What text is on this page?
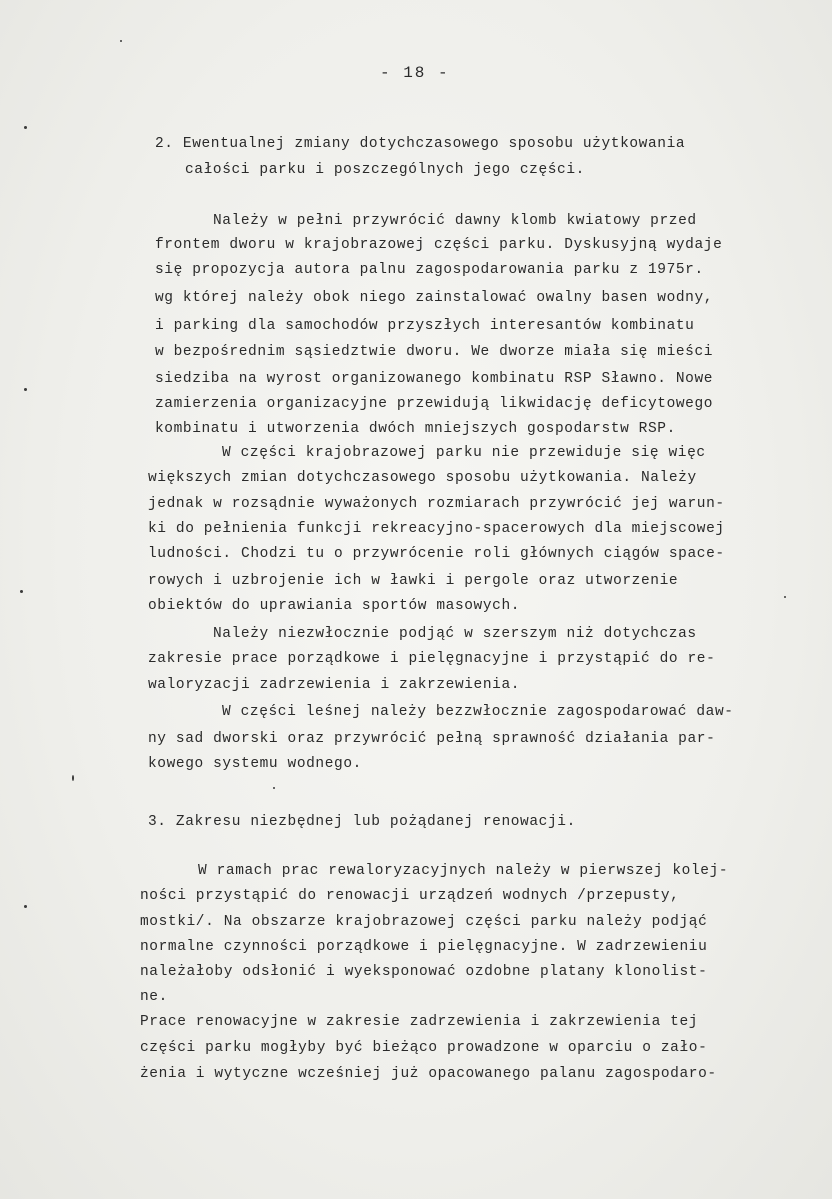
- 18 -
2. Ewentualnej zmiany dotychczasowego sposobu użytkowania
całości parku i poszczególnych jego części.
Należy w pełni przywrócić dawny klomb kwiatowy przed
frontem dworu w krajobrazowej części parku. Dyskusyjną wydaje
się propozycja autora palnu zagospodarowania parku z 1975r.
wg której należy obok niego zainstalować owalny basen wodny,
i parking dla samochodów przyszłych interesantów kombinatu
w bezpośrednim sąsiedztwie dworu. We dworze miała się mieści
siedziba na wyrost organizowanego kombinatu RSP Sławno. Nowe
zamierzenia organizacyjne przewidują likwidację deficytowego
kombinatu i utworzenia dwóch mniejszych gospodarstw RSP.
W części krajobrazowej parku nie przewiduje się więc
większych zmian dotychczasowego sposobu użytkowania. Należy
jednak w rozsądnie wyważonych rozmiarach przywrócić jej warun-
ki do pełnienia funkcji rekreacyjno-spacerowych dla miejscowej
ludności. Chodzi tu o przywrócenie roli głównych ciągów space-
rowych i uzbrojenie ich w ławki i pergole oraz utworzenie
obiektów do uprawiania sportów masowych.
Należy niezwłocznie podjąć w szerszym niż dotychczas
zakresie prace porządkowe i pielęgnacyjne i przystąpić do re-
waloryzacji zadrzewienia i zakrzewienia.
W części leśnej należy bezzwłocznie zagospodarować daw-
ny sad dworski oraz przywrócić pełną sprawność działania par-
kowego systemu wodnego.
3. Zakresu niezbędnej lub pożądanej renowacji.
W ramach prac rewaloryzacyjnych należy w pierwszej kolej-
ności przystąpić do renowacji urządzeń wodnych /przepusty,
mostki/. Na obszarze krajobrazowej części parku należy podjąć
normalne czynności porządkowe i pielęgnacyjne. W zadrzewieniu
należałoby odsłonić i wyeksponować ozdobne platany klonolist-
ne.
Prace renowacyjne w zakresie zadrzewienia i zakrzewienia tej
części parku mogłyby być bieżąco prowadzone w oparciu o zało-
żenia i wytyczne wcześniej już opacowanego palanu zagospodaro-
